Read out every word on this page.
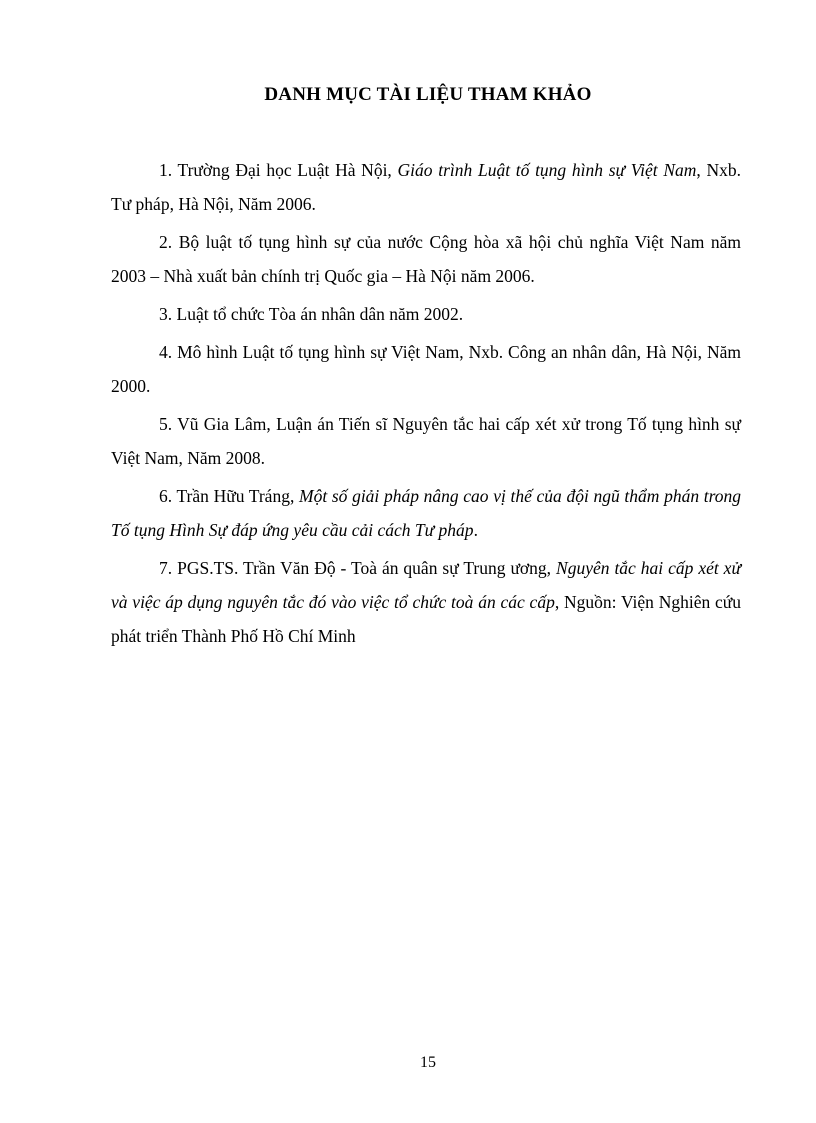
DANH MỤC TÀI LIỆU THAM KHẢO

1. Trường Đại học Luật Hà Nội, Giáo trình Luật tố tụng hình sự Việt Nam, Nxb. Tư pháp, Hà Nội, Năm 2006.

2. Bộ luật tố tụng hình sự của nước Cộng hòa xã hội chủ nghĩa Việt Nam năm 2003 – Nhà xuất bản chính trị Quốc gia – Hà Nội năm 2006.

3. Luật tổ chức Tòa án nhân dân năm 2002.

4. Mô hình Luật tố tụng hình sự Việt Nam, Nxb. Công an nhân dân, Hà Nội, Năm 2000.

5. Vũ Gia Lâm, Luận án Tiến sĩ Nguyên tắc hai cấp xét xử trong Tố tụng hình sự Việt Nam, Năm 2008.

6. Trần Hữu Tráng, Một số giải pháp nâng cao vị thế của đội ngũ thẩm phán trong Tố tụng Hình Sự đáp ứng yêu cầu cải cách Tư pháp.

7. PGS.TS. Trần Văn Độ - Toà án quân sự Trung ương, Nguyên tắc hai cấp xét xử và việc áp dụng nguyên tắc đó vào việc tổ chức toà án các cấp, Nguồn: Viện Nghiên cứu phát triển Thành Phố Hồ Chí Minh

15
